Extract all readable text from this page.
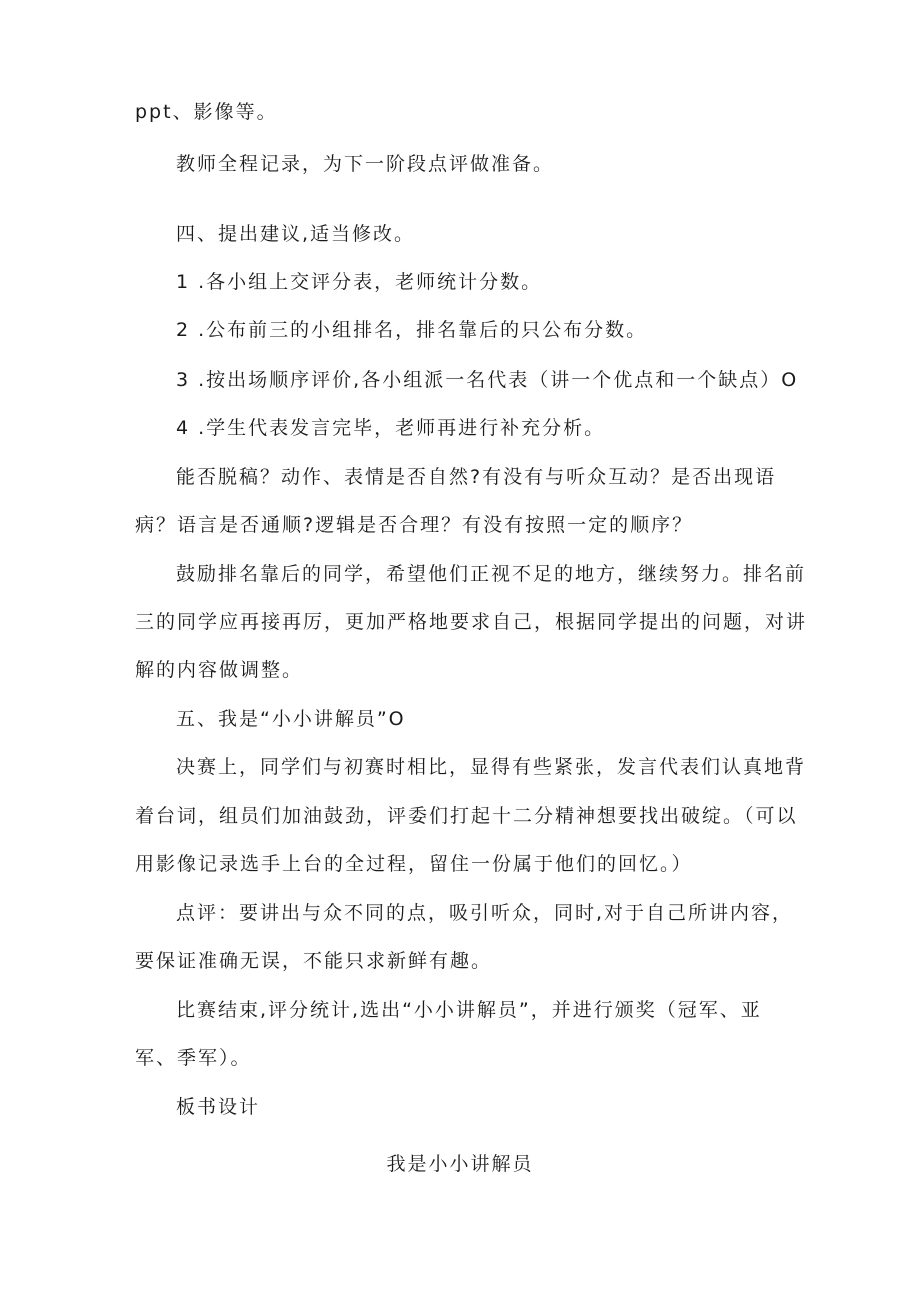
ppt、影像等。
教师全程记录，为下一阶段点评做准备。
四、提出建议,适当修改。
1 .各小组上交评分表，老师统计分数。
2 .公布前三的小组排名，排名靠后的只公布分数。
3 .按出场顺序评价,各小组派一名代表（讲一个优点和一个缺点）O
4 .学生代表发言完毕，老师再进行补充分析。
能否脱稿？动作、表情是否自然?有没有与听众互动？是否出现语
病？语言是否通顺?逻辑是否合理？有没有按照一定的顺序？
鼓励排名靠后的同学，希望他们正视不足的地方，继续努力。排名前
三的同学应再接再厉，更加严格地要求自己，根据同学提出的问题，对讲
解的内容做调整。
五、我是“小小讲解员”O
决赛上，同学们与初赛时相比，显得有些紧张，发言代表们认真地背
着台词，组员们加油鼓劲，评委们打起十二分精神想要找出破绽。（可以
用影像记录选手上台的全过程，留住一份属于他们的回忆。）
点评：要讲出与众不同的点，吸引听众，同时,对于自己所讲内容，
要保证准确无误，不能只求新鲜有趣。
比赛结束,评分统计,选出“小小讲解员”，并进行颁奖（冠军、亚
军、季军）。
板书设计
我是小小讲解员
